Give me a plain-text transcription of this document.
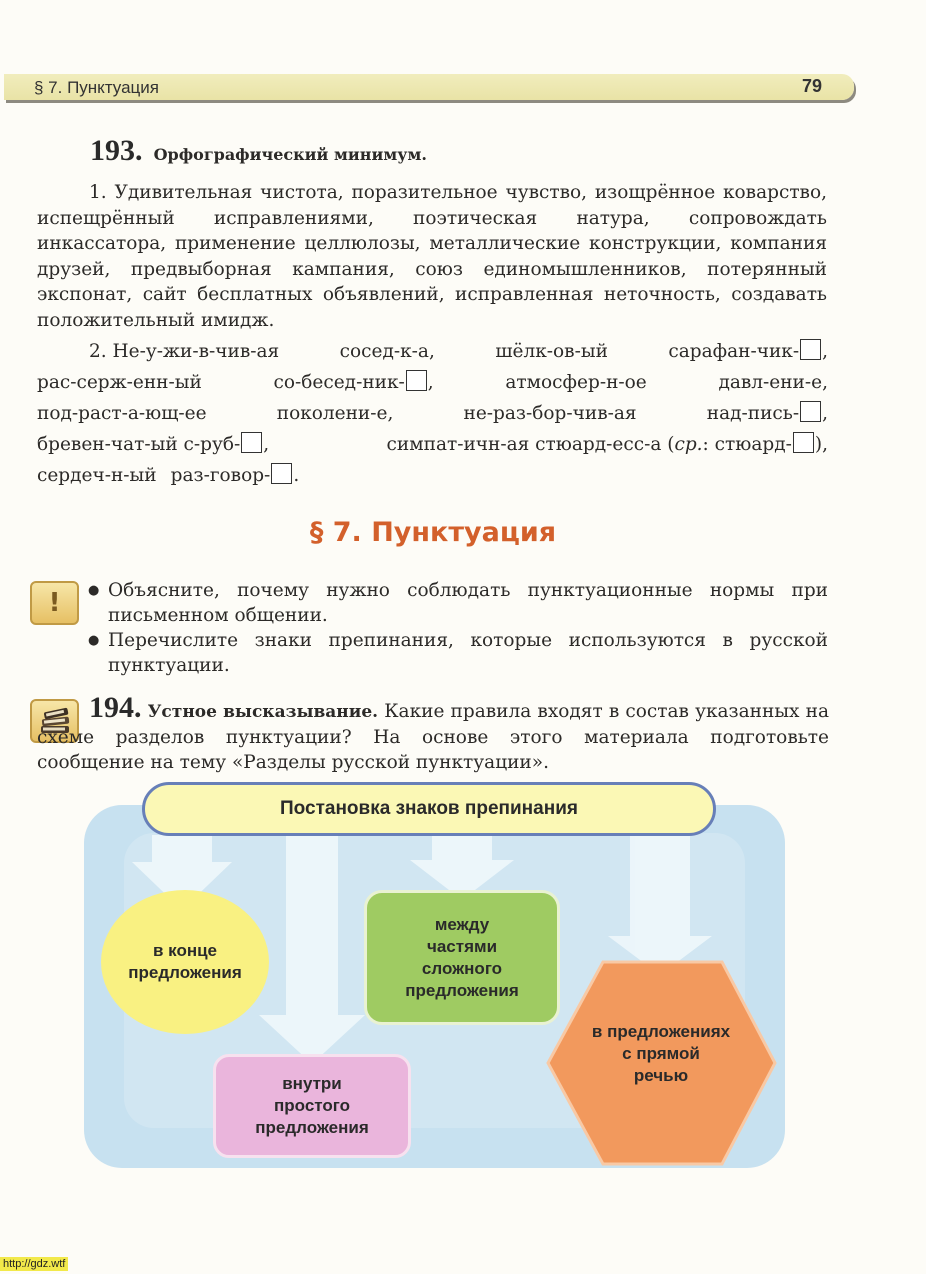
§ 7. Пунктуация	79
193. Орфографический минимум.
1. Удивительная чистота, поразительное чувство, изощрённое коварство, испещрённый исправлениями, поэтическая натура, сопровождать инкассатора, применение целлюлозы, металлические конструкции, компания друзей, предвыборная кампания, союз единомышленников, потерянный экспонат, сайт бесплатных объявлений, исправленная неточность, создавать положительный имидж.
2. Не-у-жи-в-чив-ая	сосед-к-а,	шёлк-ов-ый	сарафан-чик- ,
рас-серж-енн-ый	со-бесед-ник- ,	атмосфер-н-ое	давл-ени-е,
под-раст-а-ющ-ее	поколени-е,	не-раз-бор-чив-ая	над-пись- ,
бревен-чат-ый с-руб- ,	симпат-ичн-ая стюард-есс-а (ср.: стюард- ),
сердеч-н-ый раз-говор- .
§ 7. Пунктуация
!	● Объясните, почему нужно соблюдать пунктуационные нормы при письменном общении.
● Перечислите знаки препинания, которые используются в русской пунктуации.
194. Устное высказывание. Какие правила входят в состав указанных на схеме разделов пунктуации? На основе этого материала подготовьте сообщение на тему «Разделы русской пунктуации».
Постановка знаков препинания
в конце
предложения
между
частями
сложного
предложения
внутри
простого
предложения
в предложениях
с прямой
речью
http://gdz.wtf
